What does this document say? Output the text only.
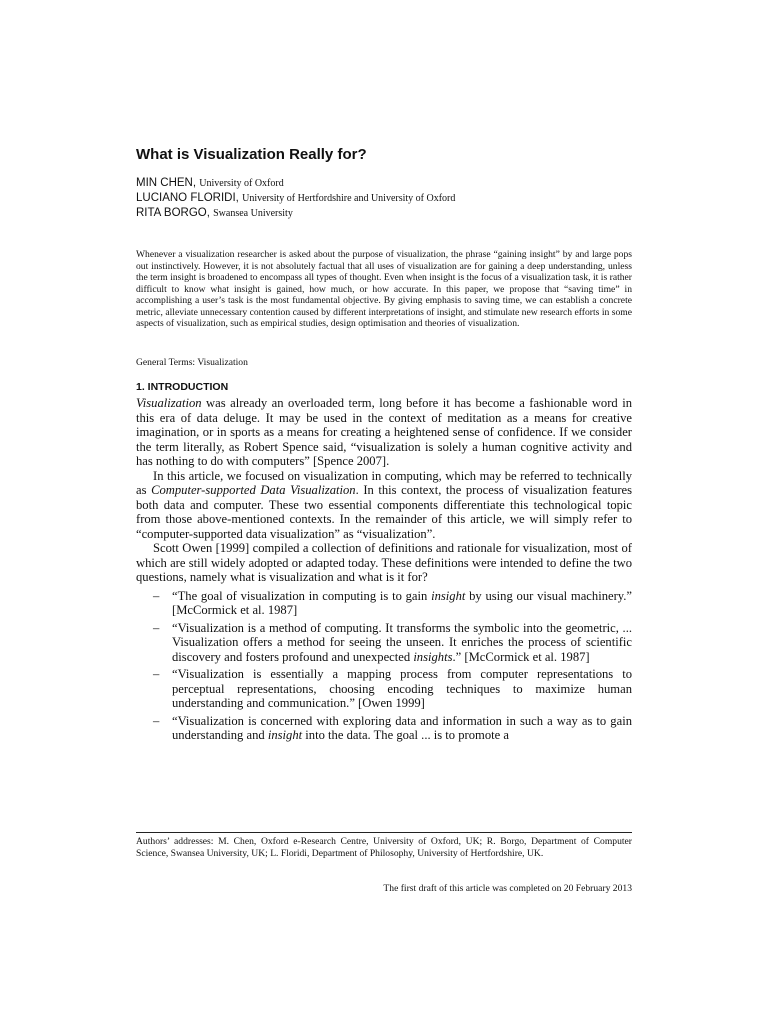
What is Visualization Really for?
MIN CHEN, University of Oxford
LUCIANO FLORIDI, University of Hertfordshire and University of Oxford
RITA BORGO, Swansea University

Whenever a visualization researcher is asked about the purpose of visualization, the phrase “gaining insight” by and large pops out instinctively. However, it is not absolutely factual that all uses of visualization are for gaining a deep understanding, unless the term insight is broadened to encompass all types of thought. Even when insight is the focus of a visualization task, it is rather difficult to know what insight is gained, how much, or how accurate. In this paper, we propose that “saving time” in accomplishing a user’s task is the most fundamental objective. By giving emphasis to saving time, we can establish a concrete metric, alleviate unnecessary contention caused by different interpretations of insight, and stimulate new research efforts in some aspects of visualization, such as empirical studies, design optimisation and theories of visualization.

General Terms: Visualization
1. INTRODUCTION

Visualization was already an overloaded term, long before it has become a fashionable word in this era of data deluge. It may be used in the context of meditation as a means for creative imagination, or in sports as a means for creating a heightened sense of confidence. If we consider the term literally, as Robert Spence said, “visualization is solely a human cognitive activity and has nothing to do with computers” [Spence 2007].

In this article, we focused on visualization in computing, which may be referred to technically as Computer-supported Data Visualization. In this context, the process of visualization features both data and computer. These two essential components differentiate this technological topic from those above-mentioned contexts. In the remainder of this article, we will simply refer to “computer-supported data visualization” as “visualization”.

Scott Owen [1999] compiled a collection of definitions and rationale for visualization, most of which are still widely adopted or adapted today. These definitions were intended to define the two questions, namely what is visualization and what is it for?

– “The goal of visualization in computing is to gain insight by using our visual machinery.” [McCormick et al. 1987]
– “Visualization is a method of computing. It transforms the symbolic into the geometric, ... Visualization offers a method for seeing the unseen. It enriches the process of scientific discovery and fosters profound and unexpected insights.” [McCormick et al. 1987]
– “Visualization is essentially a mapping process from computer representations to perceptual representations, choosing encoding techniques to maximize human understanding and communication.” [Owen 1999]
– “Visualization is concerned with exploring data and information in such a way as to gain understanding and insight into the data. The goal ... is to promote a

Authors’ addresses: M. Chen, Oxford e-Research Centre, University of Oxford, UK; R. Borgo, Department of Computer Science, Swansea University, UK; L. Floridi, Department of Philosophy, University of Hertfordshire, UK.

The first draft of this article was completed on 20 February 2013
